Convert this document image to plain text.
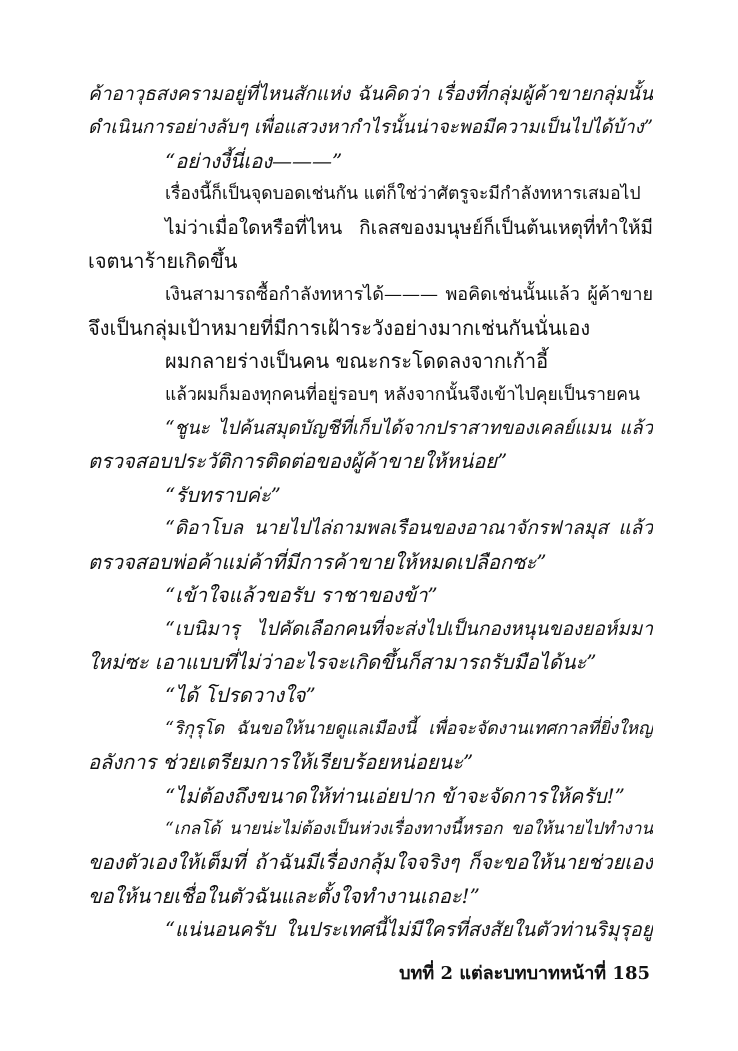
ค้าอาวุธสงครามอยู่ที่ไหนสักแห่ง ฉันคิดว่า เรื่องที่กลุ่มผู้ค้าขายกลุ่มนั้น

ดำเนินการอย่างลับๆ เพื่อแสวงหากำไรนั้นน่าจะพอมีความเป็นไปได้บ้าง”

“อย่างงี้นี่เอง———”

เรื่องนี้ก็เป็นจุดบอดเช่นกัน แต่ก็ใช่ว่าศัตรูจะมีกำลังทหารเสมอไป

ไม่ว่าเมื่อใดหรือที่ไหน กิเลสของมนุษย์ก็เป็นต้นเหตุที่ทำให้มี

เจตนาร้ายเกิดขึ้น

เงินสามารถซื้อกำลังทหารได้——— พอคิดเช่นนั้นแล้ว ผู้ค้าขาย

จึงเป็นกลุ่มเป้าหมายที่มีการเฝ้าระวังอย่างมากเช่นกันนั่นเอง

ผมกลายร่างเป็นคน ขณะกระโดดลงจากเก้าอี้

แล้วผมก็มองทุกคนที่อยู่รอบๆ หลังจากนั้นจึงเข้าไปคุยเป็นรายคน

“ชูนะ ไปค้นสมุดบัญชีที่เก็บได้จากปราสาทของเคลย์แมน แล้ว

ตรวจสอบประวัติการติดต่อของผู้ค้าขายให้หน่อย”

“รับทราบค่ะ”

“ดิอาโบล นายไปไล่ถามพลเรือนของอาณาจักรฟาลมุส แล้ว

ตรวจสอบพ่อค้าแม่ค้าที่มีการค้าขายให้หมดเปลือกซะ”

“เข้าใจแล้วขอรับ ราชาของข้า”

“เบนิมารุ ไปคัดเลือกคนที่จะส่งไปเป็นกองหนุนของยอห์มมา

ใหม่ซะ เอาแบบที่ไม่ว่าอะไรจะเกิดขึ้นก็สามารถรับมือได้นะ”

“ได้ โปรดวางใจ”

“ริกุรุโด ฉันขอให้นายดูแลเมืองนี้ เพื่อจะจัดงานเทศกาลที่ยิ่งใหญ่

อลังการ ช่วยเตรียมการให้เรียบร้อยหน่อยนะ”

“ไม่ต้องถึงขนาดให้ท่านเอ่ยปาก ข้าจะจัดการให้ครับ!”

“เกลโด้ นายน่ะไม่ต้องเป็นห่วงเรื่องทางนี้หรอก ขอให้นายไปทำงาน

ของตัวเองให้เต็มที่ ถ้าฉันมีเรื่องกลุ้มใจจริงๆ ก็จะขอให้นายช่วยเอง

ขอให้นายเชื่อในตัวฉันและตั้งใจทำงานเถอะ!”

“แน่นอนครับ ในประเทศนี้ไม่มีใครที่สงสัยในตัวท่านริมุรุอยู่

บทที่ 2 แต่ละบทบาทหน้าที่ 185
